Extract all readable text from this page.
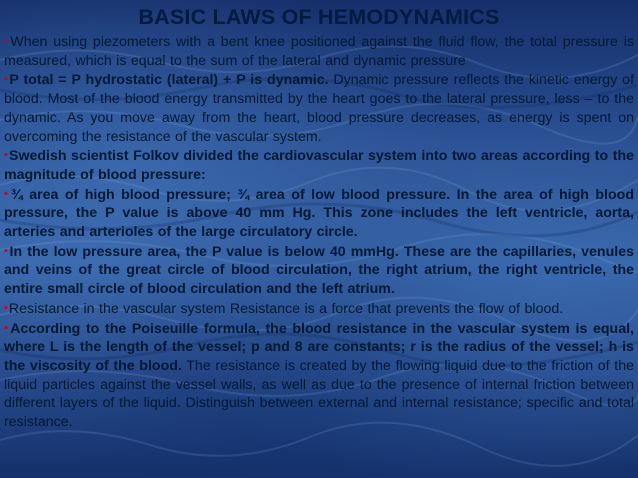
BASIC LAWS OF HEMODYNAMICS

▪When using piezometers with a bent knee positioned against the fluid flow, the total pressure is measured, which is equal to the sum of the lateral and dynamic pressure

▪P total = P hydrostatic (lateral) + P is dynamic. Dynamic pressure reflects the kinetic energy of blood. Most of the blood energy transmitted by the heart goes to the lateral pressure, less – to the dynamic. As you move away from the heart, blood pressure decreases, as energy is spent on overcoming the resistance of the vascular system.

▪Swedish scientist Folkov divided the cardiovascular system into two areas according to the magnitude of blood pressure:

▪¾ area of high blood pressure; ¾ area of low blood pressure. In the area of high blood pressure, the P value is above 40 mm Hg. This zone includes the left ventricle, aorta, arteries and arterioles of the large circulatory circle.

▪In the low pressure area, the P value is below 40 mmHg. These are the capillaries, venules and veins of the great circle of blood circulation, the right atrium, the right ventricle, the entire small circle of blood circulation and the left atrium.

▪Resistance in the vascular system Resistance is a force that prevents the flow of blood.

▪According to the Poiseuille formula, the blood resistance in the vascular system is equal, where L is the length of the vessel; p and 8 are constants; r is the radius of the vessel; h is the viscosity of the blood. The resistance is created by the flowing liquid due to the friction of the liquid particles against the vessel walls, as well as due to the presence of internal friction between different layers of the liquid. Distinguish between external and internal resistance; specific and total resistance.
